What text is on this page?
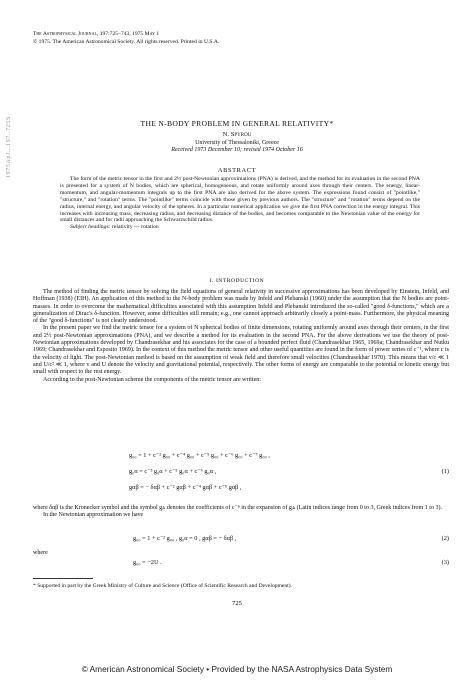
1975ApJ...197..725S
The Astrophysical Journal, 197:725–743, 1975 May 1
© 1975. The American Astronomical Society. All rights reserved. Printed in U.S.A.
THE N-BODY PROBLEM IN GENERAL RELATIVITY*
N. Spyrou
University of Thessaloniki, Greece
Received 1973 December 10; revised 1974 October 16
ABSTRACT

The form of the metric tensor in the first and 2½ post-Newtonian approximations (PNA) is derived, and the method for its evaluation in the second PNA is presented for a system of N bodies, which are spherical, homogeneous, and rotate uniformly around axes through their centers. The energy, linear-momentum, and angular-momentum integrals up to the first PNA are also derived for the above system. The expressions found consist of "pointlike," "structure," and "rotation" terms. The "pointlike" terms coincide with those given by previous authors. The "structure" and "rotation" terms depend on the radius, internal energy, and angular velocity of the spheres. In a particular numerical application we give the first PNA correction in the energy integral. This increases with increasing mass, decreasing radius, and decreasing distance of the bodies, and becomes comparable to the Newtonian value of the energy for small distances and for radii approaching the Schwarzschild radius.

Subject headings: relativity — rotation

I. INTRODUCTION

The method of finding the metric tensor by solving the field equations of general relativity in successive approximations has been developed by Einstein, Infeld, and Hoffman (1938) (EIH). An application of this method to the N-body problem was made by Infeld and Plebanski (1960) under the assumption that the N bodies are point-masses. In order to overcome the mathematical difficulties associated with this assumption Infeld and Plebanski introduced the so-called "good δ-functions," which are a generalization of Dirac's δ-function. However, some difficulties still remain; e.g., one cannot approach arbitrarily closely a point-mass. Furthermore, the physical meaning of the "good δ-functions" is not clearly understood.

In the present paper we find the metric tensor for a system of N spherical bodies of finite dimensions, rotating uniformly around axes through their centers, in the first and 2½ post-Newtonian approximations (PNA), and we describe a method for its evaluation in the second PNA. For the above derivations we use the theory of post-Newtonian approximations developed by Chandrasekhar and his associates for the case of a bounded perfect fluid (Chandrasekhar 1965, 1969a; Chandrasekhar and Nutku 1969; Chandrasekhar and Esposito 1969). In the context of this method the metric tensor and other useful quantities are found in the form of power series of c⁻¹, where c is the velocity of light. The post-Newtonian method is based on the assumption of weak field and therefore small velocities (Chandrasekhar 1970). This means that v/c ≪ 1 and U/c² ≪ 1, where v and U denote the velocity and gravitational potential, respectively. The other forms of energy are comparable to the potential or kinetic energy but small with respect to the rest energy.

According to the post-Newtonian scheme the components of the metric tensor are written:

g₀₀ = 1 + c⁻² g₀₀ + c⁻⁴ g₀₀ + c⁻⁵ g₀₀ + c⁻⁶ g₀₀ + c⁻⁷ g₀₀ ,
g₀α = c⁻³ g₀α + c⁻⁵ g₀α + c⁻⁶ g₀α ,
gαβ = − δαβ + c⁻² gαβ + c⁻⁴ gαβ + c⁻⁵ gαβ ,
(1)

where δαβ is the Kronecker symbol and the symbol gᵢₖ denotes the coefficients of c⁻ⁿ in the expansion of gᵢₖ (Latin indices range from 0 to 3, Greek indices from 1 to 3).

In the Newtonian approximation we have

g₀₀ = 1 + c⁻² g₀₀ , g₀α = 0 , gαβ = − δαβ ,	(2)

where

g₀₀ = −2U .	(3)
* Supported in part by the Greek Ministry of Culture and Science (Office of Scientific Research and Development).
725
© American Astronomical Society • Provided by the NASA Astrophysics Data System
